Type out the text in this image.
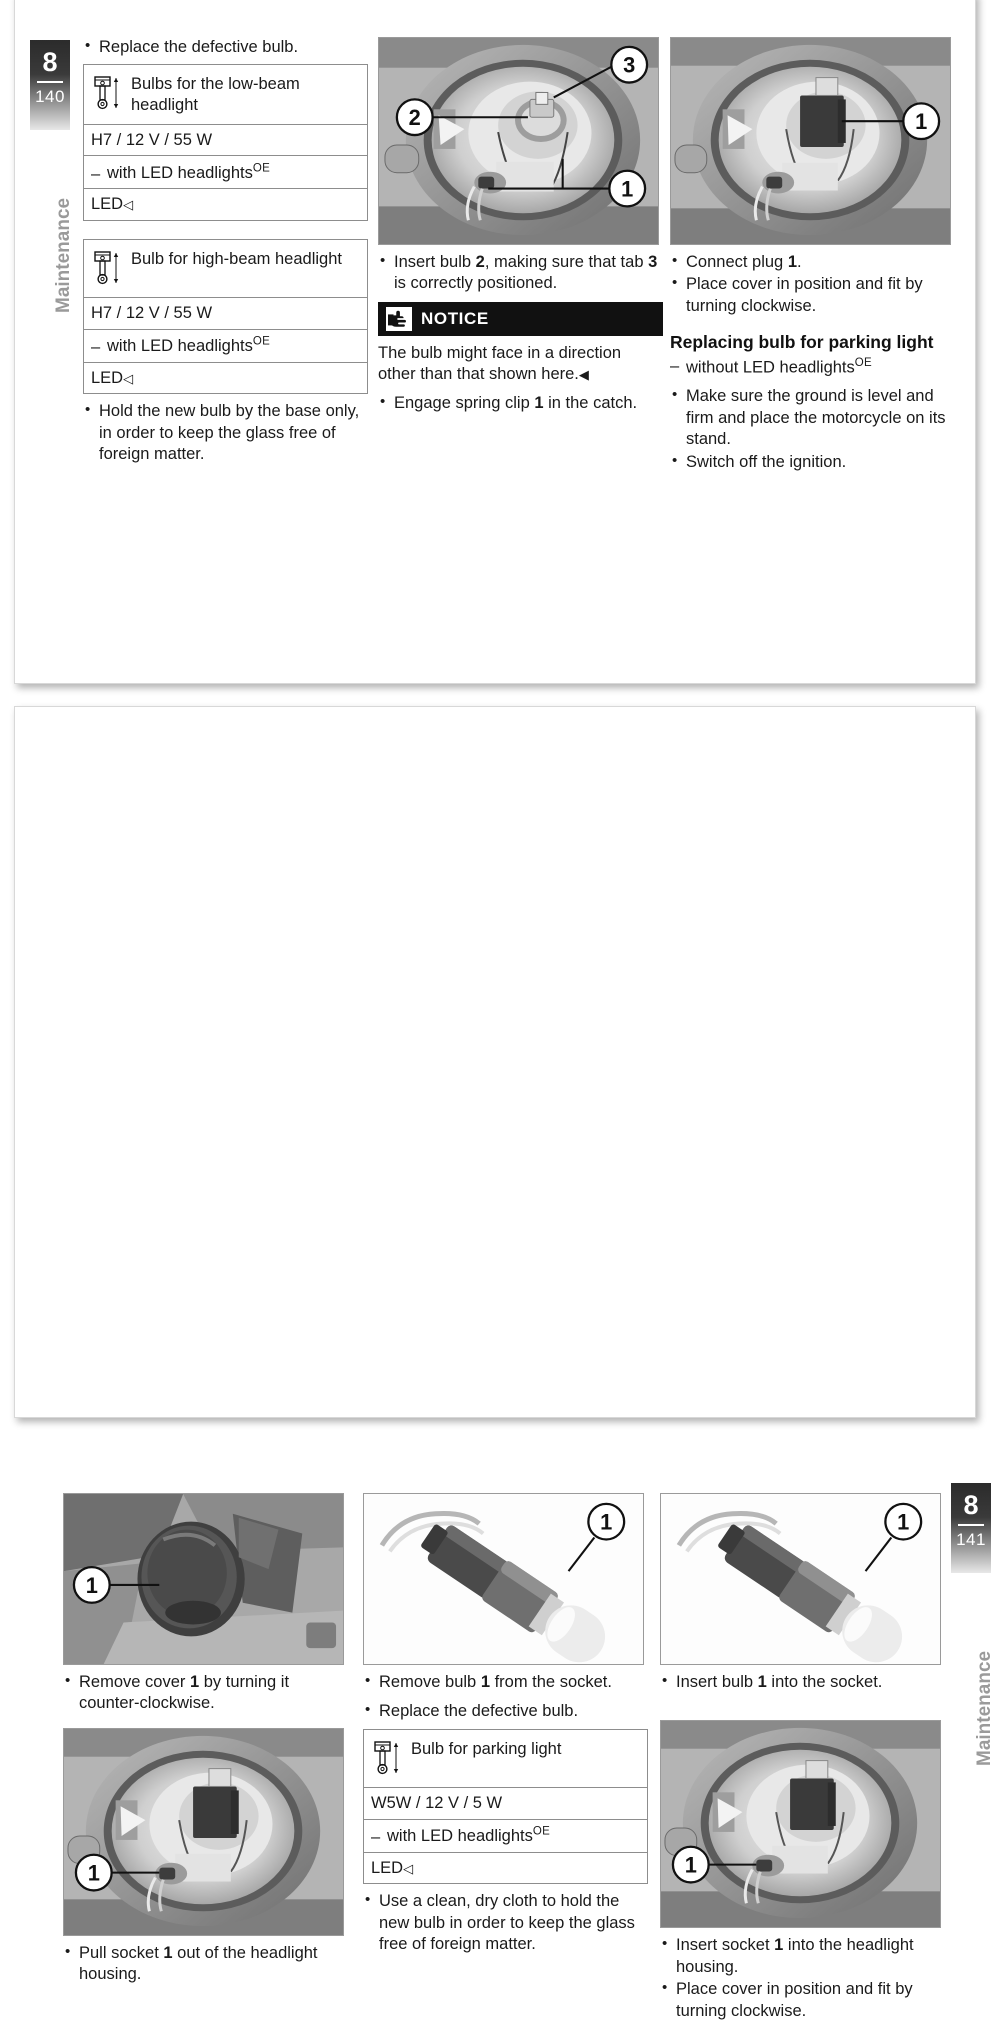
8
140
Maintenance
• Replace the defective bulb.
Bulbs for the low-beam headlight
H7 / 12 V / 55 W
– with LED headlights$^{OE}$
LED◁
Bulb for high-beam headlight
H7 / 12 V / 55 W
– with LED headlights$^{OE}$
LED◁
• Hold the new bulb by the base only, in order to keep the glass free of foreign matter.
3
2
1
• Insert bulb 2, making sure that tab 3 is correctly positioned.
NOTICE
The bulb might face in a direction other than that shown here.◀
• Engage spring clip 1 in the catch.
1
• Connect plug 1.
• Place cover in position and fit by turning clockwise.
Replacing bulb for parking light
– without LED headlights$^{OE}$
• Make sure the ground is level and firm and place the motorcycle on its stand.
• Switch off the ignition.
8
141
Maintenance
1
• Remove cover 1 by turning it counter-clockwise.
1
• Pull socket 1 out of the headlight housing.
1
• Remove bulb 1 from the socket.
• Replace the defective bulb.
Bulb for parking light
W5W / 12 V / 5 W
– with LED headlights$^{OE}$
LED◁
• Use a clean, dry cloth to hold the new bulb in order to keep the glass free of foreign matter.
1
• Insert bulb 1 into the socket.
1
• Insert socket 1 into the headlight housing.
• Place cover in position and fit by turning clockwise.
